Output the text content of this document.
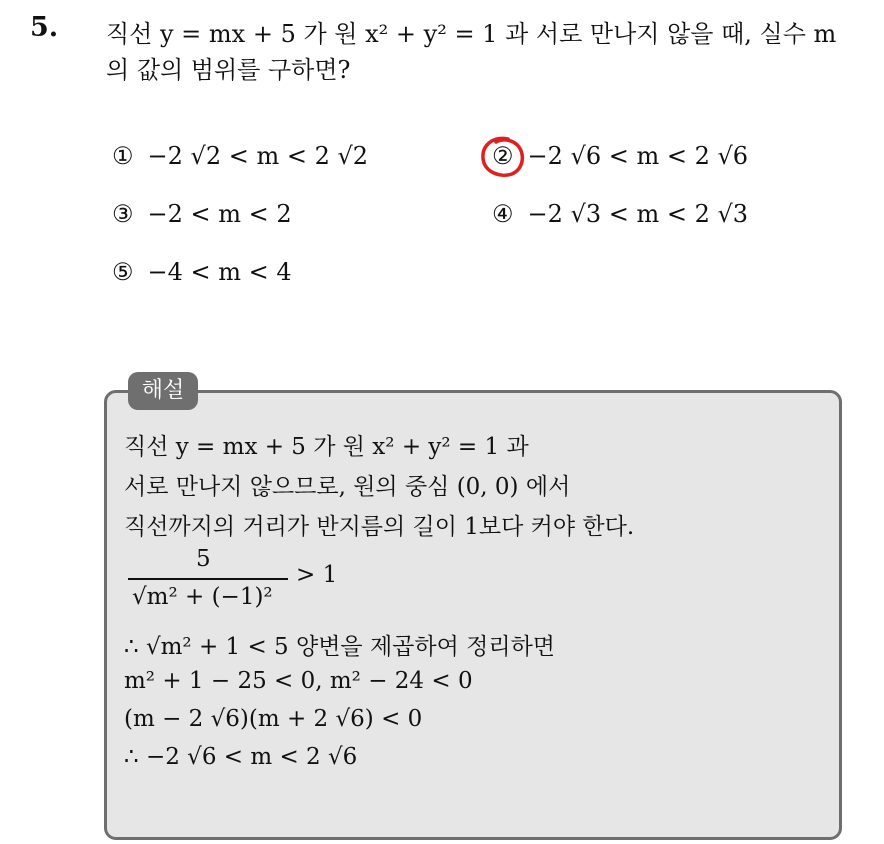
5. 직선 y = mx + 5 가 원 x² + y² = 1 과 서로 만나지 않을 때, 실수 m
의 값의 범위를 구하면?
① −2 √2 < m < 2 √2	② −2 √6 < m < 2 √6
③ −2 < m < 2	④ −2 √3 < m < 2 √3
⑤ −4 < m < 4
해설
직선 y = mx + 5 가 원 x² + y² = 1 과
서로 만나지 않으므로, 원의 중심 (0, 0) 에서
직선까지의 거리가 반지름의 길이 1보다 커야 한다.
5
√m² + (−1)²
> 1
∴ √m² + 1 < 5 양변을 제곱하여 정리하면
m² + 1 − 25 < 0, m² − 24 < 0
(m − 2 √6)(m + 2 √6) < 0
∴ −2 √6 < m < 2 √6
